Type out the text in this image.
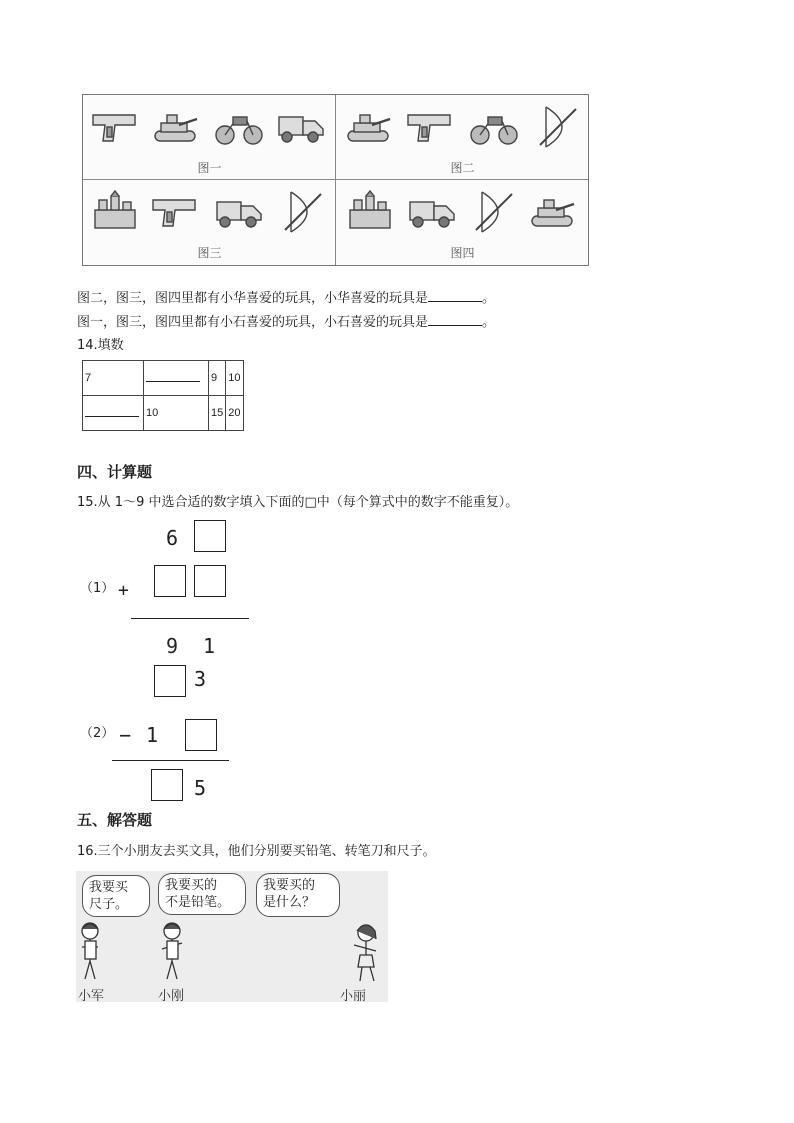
图一	图二
图三	图四
图二，图三，图四里都有小华喜爱的玩具，小华喜爱的玩具是	。
图一，图三，图四里都有小石喜爱的玩具，小石喜爱的玩具是	。
14.填数
7		9	10
	10	15	20
四、计算题
15.从 1～9 中选合适的数字填入下面的□中（每个算式中的数字不能重复）。
6
（1） +
9 1
3
（2） − 1
5
五、解答题
16.三个小朋友去买文具，他们分别要买铅笔、转笔刀和尺子。
我要买
尺子。
我要买的
不是铅笔。
我要买的
是什么？
小军	小刚	小丽
